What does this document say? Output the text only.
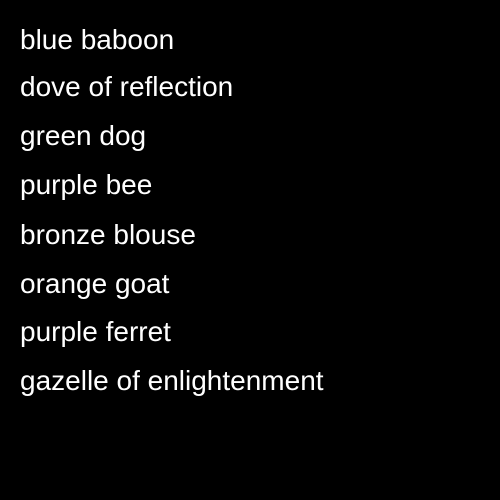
blue baboon
dove of reflection
green dog
purple bee
bronze blouse
orange goat
purple ferret
gazelle of enlightenment
